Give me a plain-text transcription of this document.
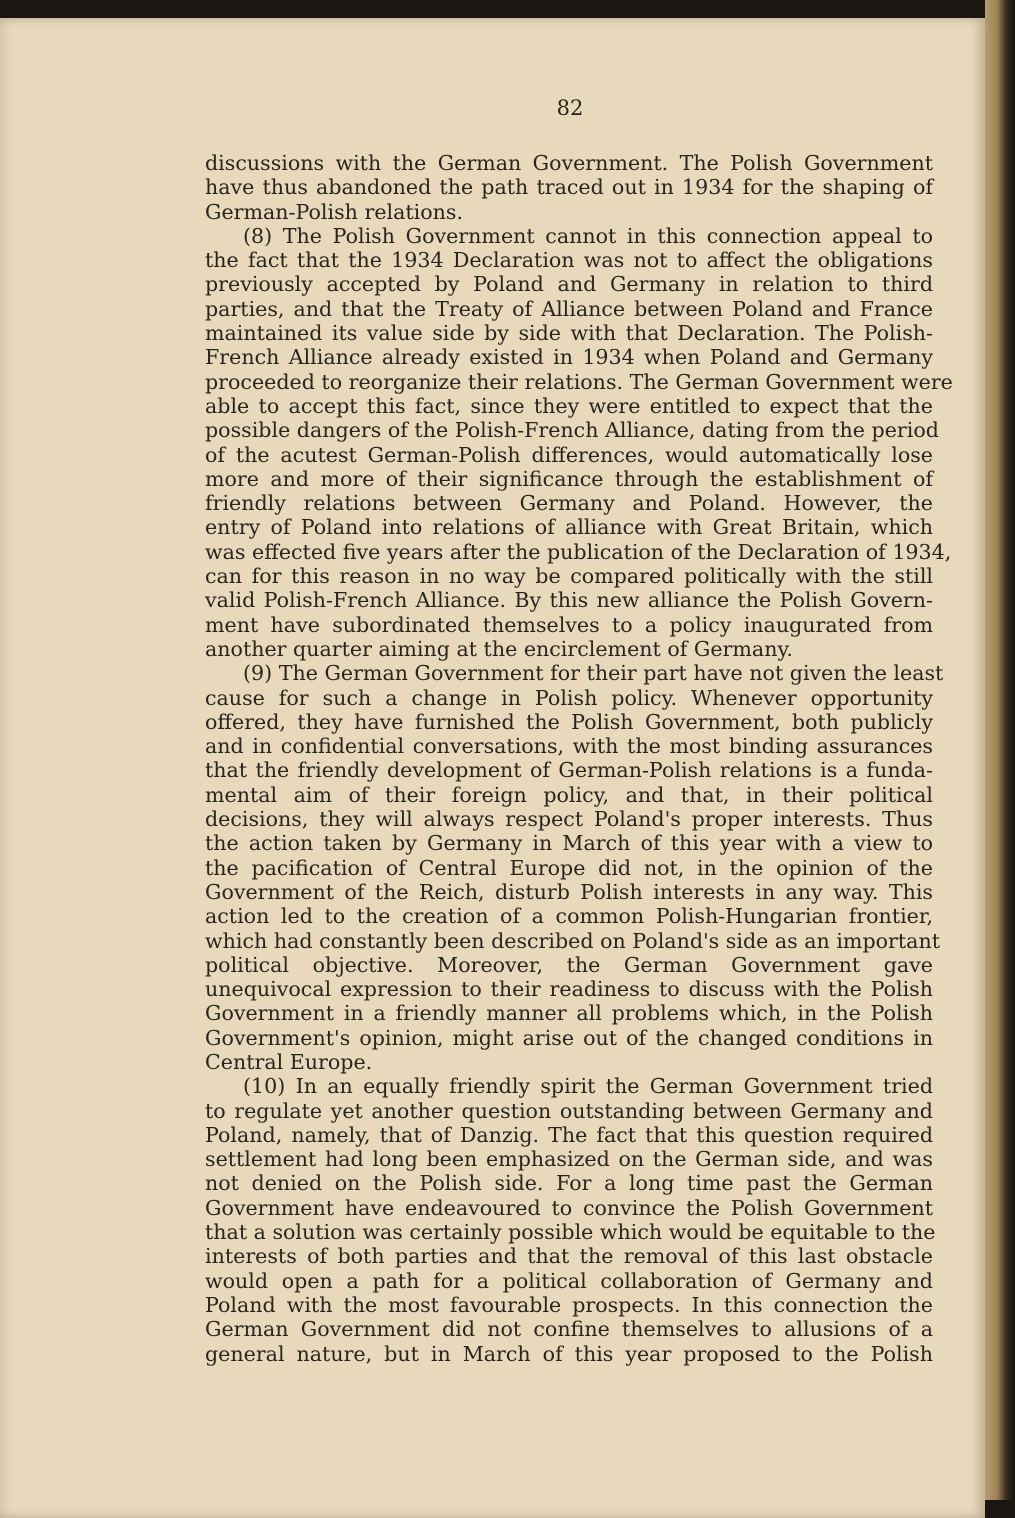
82
discussions with the German Government. The Polish Government
have thus abandoned the path traced out in 1934 for the shaping of
German-Polish relations.
(8) The Polish Government cannot in this connection appeal to
the fact that the 1934 Declaration was not to affect the obligations
previously accepted by Poland and Germany in relation to third
parties, and that the Treaty of Alliance between Poland and France
maintained its value side by side with that Declaration. The Polish-
French Alliance already existed in 1934 when Poland and Germany
proceeded to reorganize their relations. The German Government were
able to accept this fact, since they were entitled to expect that the
possible dangers of the Polish-French Alliance, dating from the period
of the acutest German-Polish differences, would automatically lose
more and more of their significance through the establishment of
friendly relations between Germany and Poland. However, the
entry of Poland into relations of alliance with Great Britain, which
was effected five years after the publication of the Declaration of 1934,
can for this reason in no way be compared politically with the still
valid Polish-French Alliance. By this new alliance the Polish Govern-
ment have subordinated themselves to a policy inaugurated from
another quarter aiming at the encirclement of Germany.
(9) The German Government for their part have not given the least
cause for such a change in Polish policy. Whenever opportunity
offered, they have furnished the Polish Government, both publicly
and in confidential conversations, with the most binding assurances
that the friendly development of German-Polish relations is a funda-
mental aim of their foreign policy, and that, in their political
decisions, they will always respect Poland's proper interests. Thus
the action taken by Germany in March of this year with a view to
the pacification of Central Europe did not, in the opinion of the
Government of the Reich, disturb Polish interests in any way. This
action led to the creation of a common Polish-Hungarian frontier,
which had constantly been described on Poland's side as an important
political objective. Moreover, the German Government gave
unequivocal expression to their readiness to discuss with the Polish
Government in a friendly manner all problems which, in the Polish
Government's opinion, might arise out of the changed conditions in
Central Europe.
(10) In an equally friendly spirit the German Government tried
to regulate yet another question outstanding between Germany and
Poland, namely, that of Danzig. The fact that this question required
settlement had long been emphasized on the German side, and was
not denied on the Polish side. For a long time past the German
Government have endeavoured to convince the Polish Government
that a solution was certainly possible which would be equitable to the
interests of both parties and that the removal of this last obstacle
would open a path for a political collaboration of Germany and
Poland with the most favourable prospects. In this connection the
German Government did not confine themselves to allusions of a
general nature, but in March of this year proposed to the Polish
